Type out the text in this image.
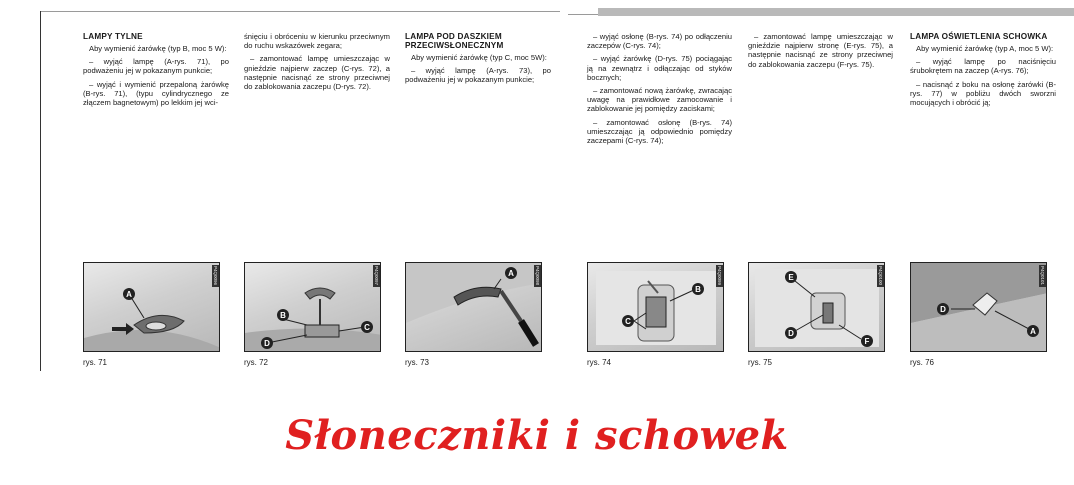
LAMPY TYLNE

Aby wymienić żarówkę (typ B, moc 5 W):

– wyjąć lampę (A-rys. 71), po podważeniu jej w pokazanym punkcie;

– wyjąć i wymienić przepaloną żarówkę (B-rys. 71), (typu cylindrycznego ze złączem bagnetowym) po lekkim jej wci-

śnięciu i obróceniu w kierunku przeciwnym do ruchu wskazówek zegara;

– zamontować lampę umieszczając w gnieździe najpierw zaczep (C-rys. 72), a następnie nacisnąć ze strony przeciwnej do zablokowania zaczepu (D-rys. 72).

LAMPA POD DASZKIEM PRZECIWSŁONECZNYM

Aby wymienić żarówkę (typ C, moc 5W):

– wyjąć lampę (A-rys. 73), po podważeniu jej w pokazanym punkcie;

– wyjąć osłonę (B-rys. 74) po odłączeniu zaczepów (C-rys. 74);

– wyjąć żarówkę (D-rys. 75) pociągając ją na zewnątrz i odłączając od styków bocznych;

– zamontować nową żarówkę, zwracając uwagę na prawidłowe zamocowanie i zablokowanie jej pomiędzy zaciskami;

– zamontować osłonę (B-rys. 74) umieszczając ją odpowiednio pomiędzy zaczepami (C-rys. 74);

– zamontować lampę umieszczając w gnieździe najpierw stronę (E-rys. 75), a następnie nacisnąć ze strony przeciwnej do zablokowania zaczepu (F-rys. 75).

LAMPA OŚWIETLENIA SCHOWKA

Aby wymienić żarówkę (typ A, moc 5 W):

– wyjąć lampę po naciśnięciu śrubokrętem na zaczep (A-rys. 76);

– nacisnąć z boku na osłonę żarówki (B-rys. 77) w pobliżu dwóch sworzni mocujących i obrócić ją;

A
P4Q0096
B
C
D
P4Q0097	A	P4Q0098
B
C
P4Q0099	E
D
F
P4Q0100
D
A
P4Q0101
rys. 71	rys. 72	rys. 73	rys. 74	rys. 75	rys. 76
Słoneczniki i schowek
